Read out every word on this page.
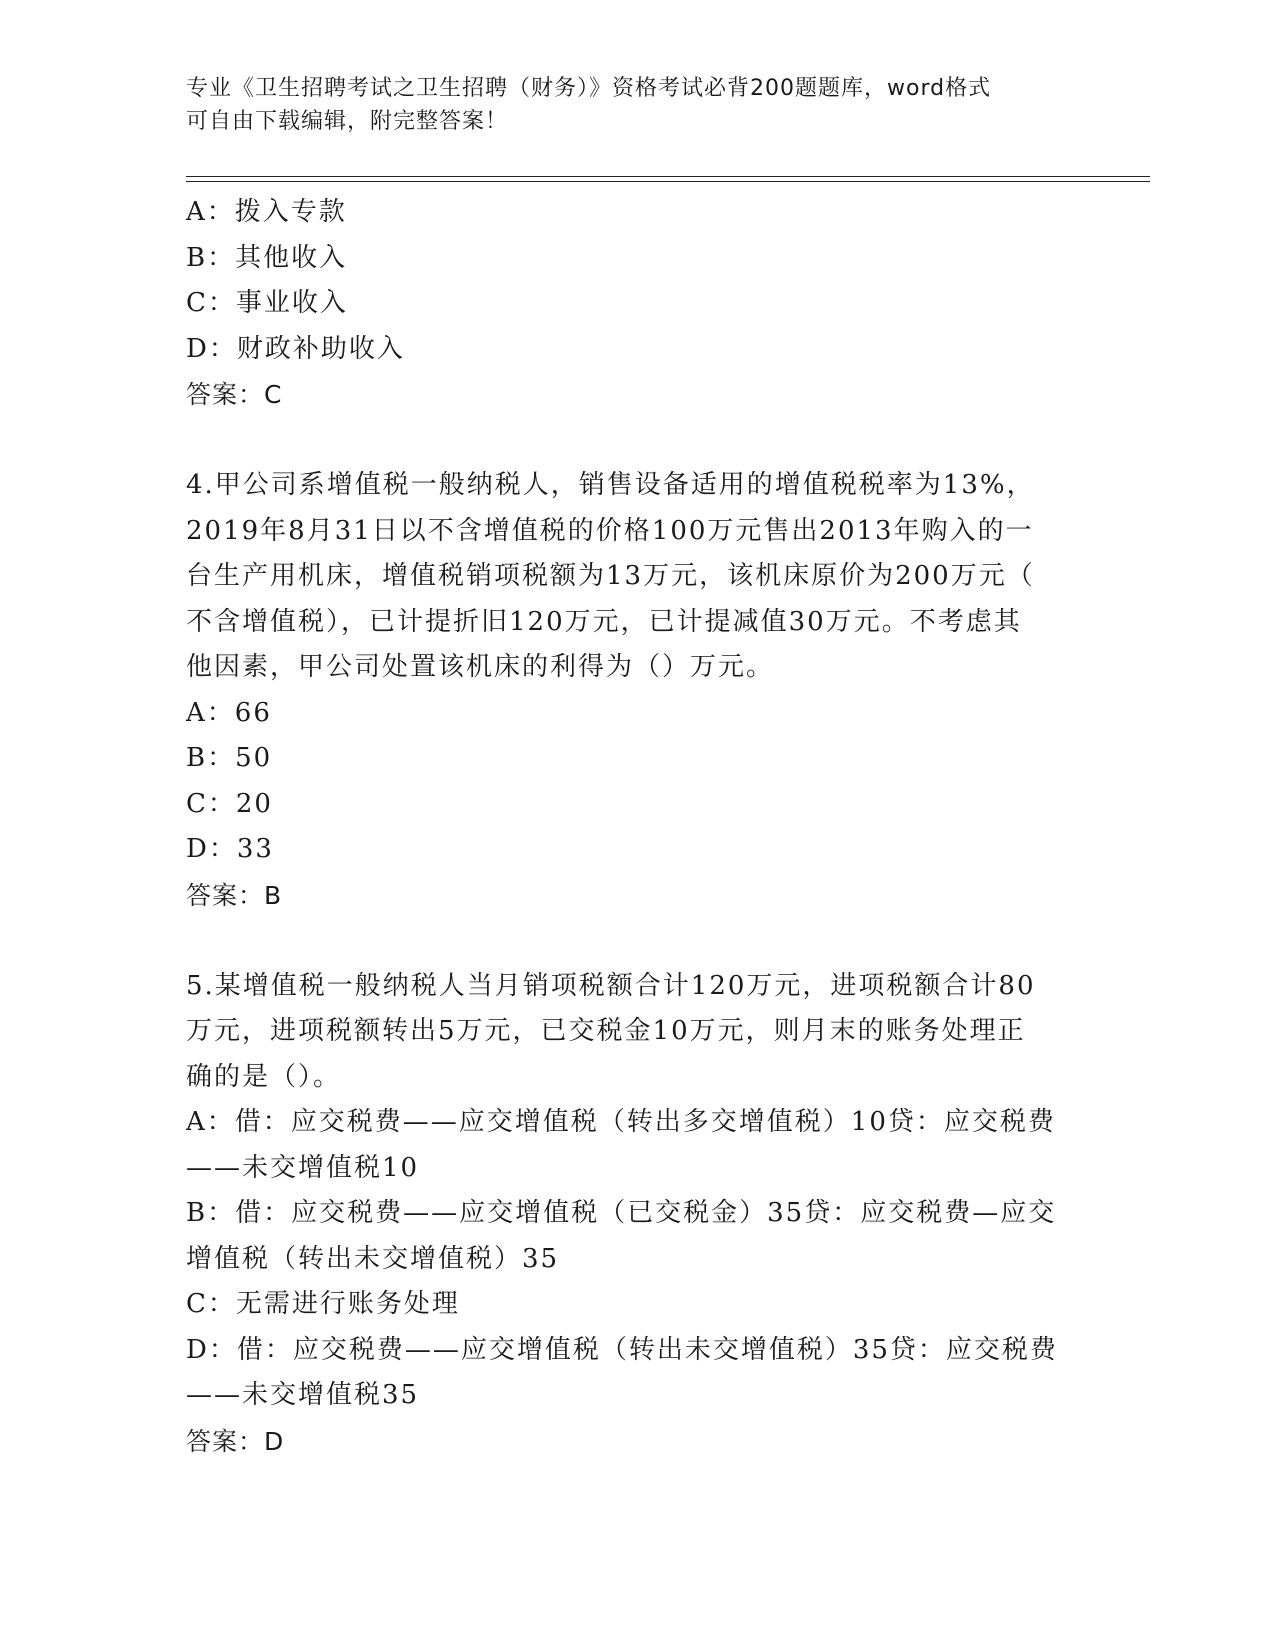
专业《卫生招聘考试之卫生招聘（财务）》资格考试必背200题题库，word格式
可自由下载编辑，附完整答案！
A：拨入专款
B：其他收入
C：事业收入
D：财政补助收入
答案：C
4.甲公司系增值税一般纳税人，销售设备适用的增值税税率为13%，
2019年8月31日以不含增值税的价格100万元售出2013年购入的一
台生产用机床，增值税销项税额为13万元，该机床原价为200万元（
不含增值税），已计提折旧120万元，已计提减值30万元。不考虑其
他因素，甲公司处置该机床的利得为（）万元。
A：66
B：50
C：20
D：33
答案：B
5.某增值税一般纳税人当月销项税额合计120万元，进项税额合计80
万元，进项税额转出5万元，已交税金10万元，则月末的账务处理正
确的是（）。
A：借：应交税费——应交增值税（转出多交增值税）10贷：应交税费
——未交增值税10
B：借：应交税费——应交增值税（已交税金）35贷：应交税费—应交
增值税（转出未交增值税）35
C：无需进行账务处理
D：借：应交税费——应交增值税（转出未交增值税）35贷：应交税费
——未交增值税35
答案：D
